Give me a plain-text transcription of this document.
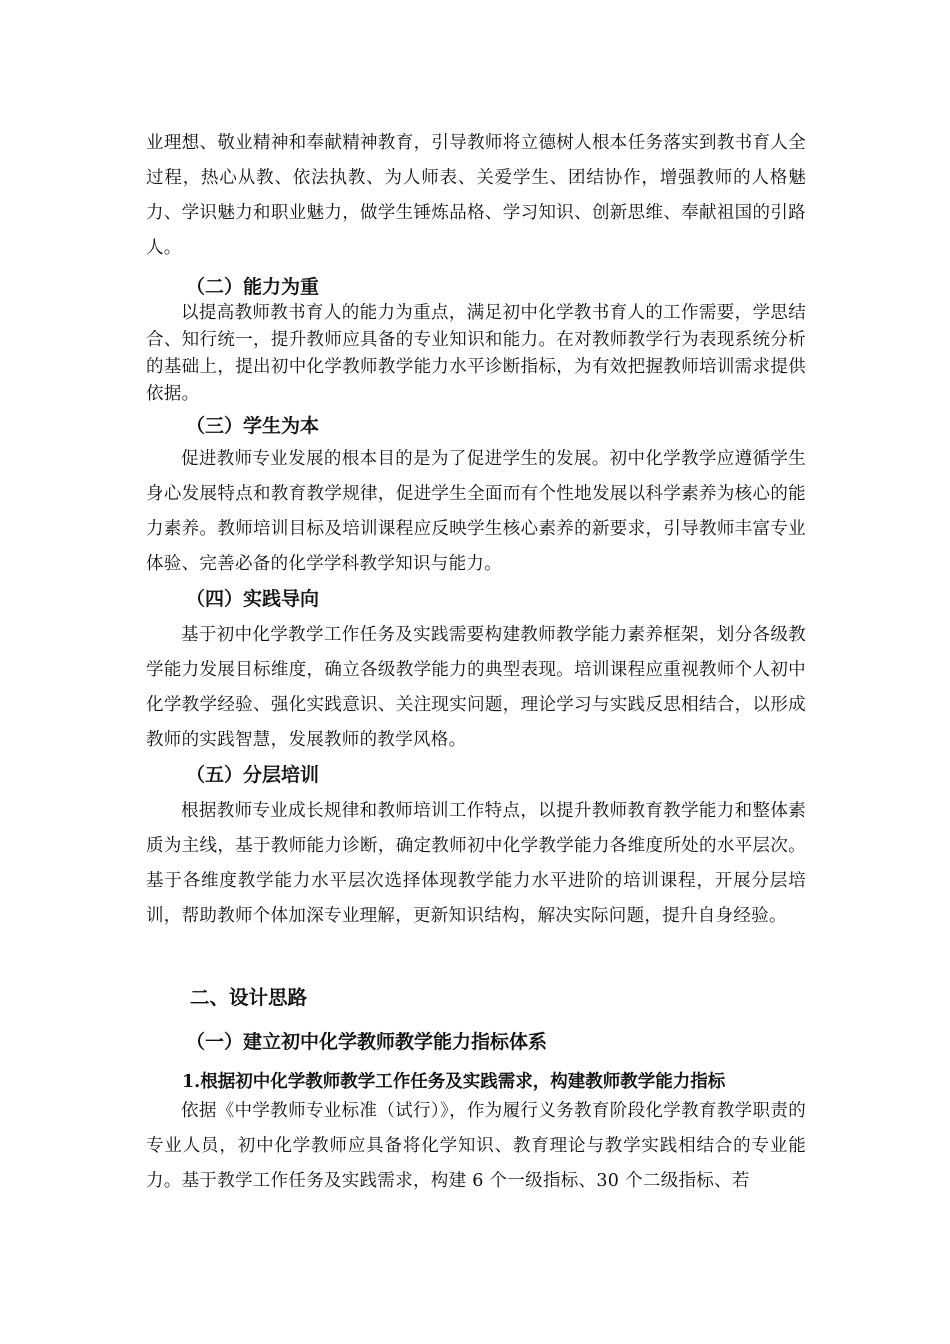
业理想、敬业精神和奉献精神教育，引导教师将立德树人根本任务落实到教书育人全过程，热心从教、依法执教、为人师表、关爱学生、团结协作，增强教师的人格魅力、学识魅力和职业魅力，做学生锤炼品格、学习知识、创新思维、奉献祖国的引路人。

（二）能力为重

以提高教师教书育人的能力为重点，满足初中化学教书育人的工作需要，学思结合、知行统一，提升教师应具备的专业知识和能力。在对教师教学行为表现系统分析的基础上，提出初中化学教师教学能力水平诊断指标，为有效把握教师培训需求提供依据。

（三）学生为本

促进教师专业发展的根本目的是为了促进学生的发展。初中化学教学应遵循学生身心发展特点和教育教学规律，促进学生全面而有个性地发展以科学素养为核心的能力素养。教师培训目标及培训课程应反映学生核心素养的新要求，引导教师丰富专业体验、完善必备的化学学科教学知识与能力。

（四）实践导向

基于初中化学教学工作任务及实践需要构建教师教学能力素养框架，划分各级教学能力发展目标维度，确立各级教学能力的典型表现。培训课程应重视教师个人初中化学教学经验、强化实践意识、关注现实问题，理论学习与实践反思相结合，以形成教师的实践智慧，发展教师的教学风格。

（五）分层培训

根据教师专业成长规律和教师培训工作特点，以提升教师教育教学能力和整体素质为主线，基于教师能力诊断，确定教师初中化学教学能力各维度所处的水平层次。基于各维度教学能力水平层次选择体现教学能力水平进阶的培训课程，开展分层培训，帮助教师个体加深专业理解，更新知识结构，解决实际问题，提升自身经验。

二、设计思路
（一）建立初中化学教师教学能力指标体系
1.根据初中化学教师教学工作任务及实践需求，构建教师教学能力指标

依据《中学教师专业标准（试行）》，作为履行义务教育阶段化学教育教学职责的专业人员，初中化学教师应具备将化学知识、教育理论与教学实践相结合的专业能力。基于教学工作任务及实践需求，构建 6 个一级指标、30 个二级指标、若
